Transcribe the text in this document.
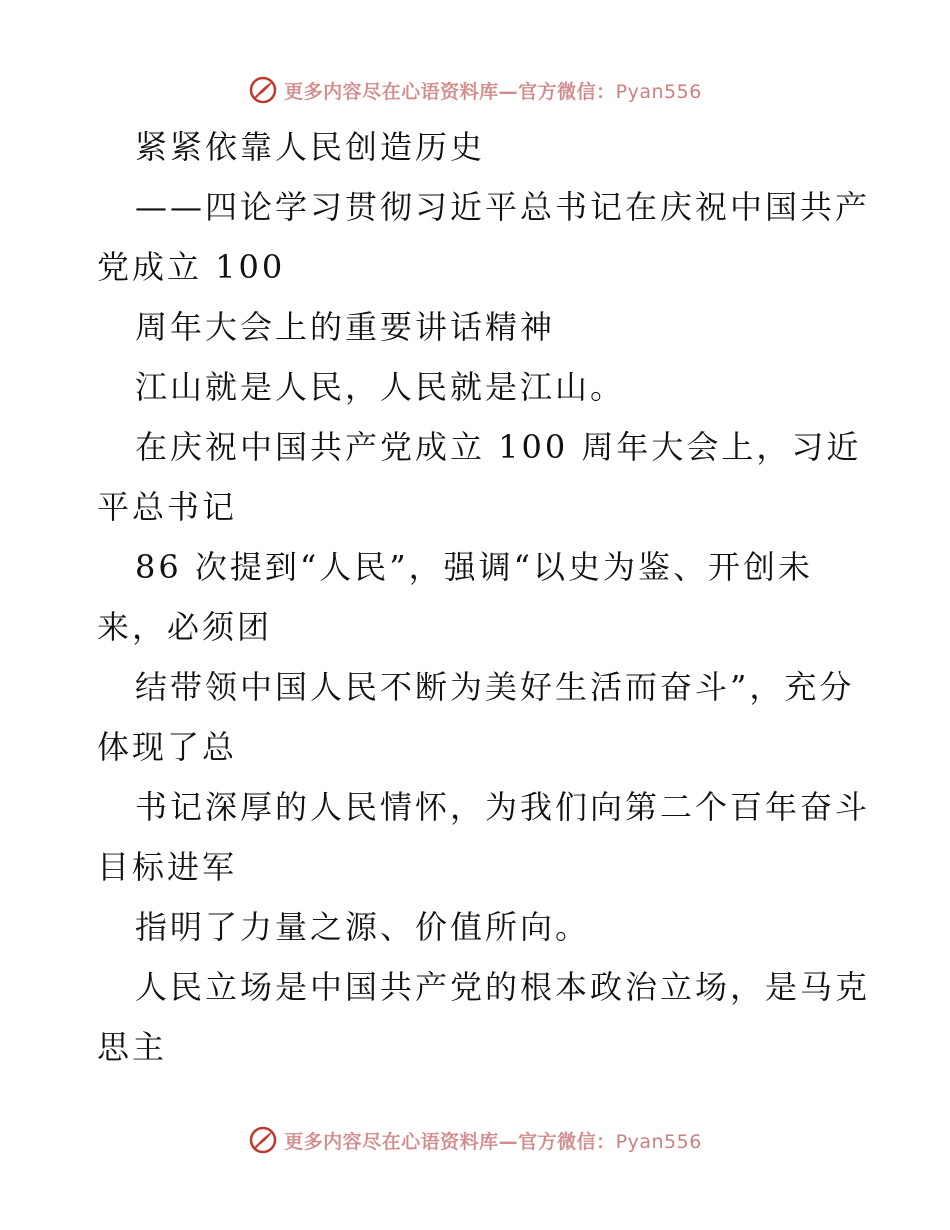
更多内容尽在心语资料库—官方微信：Pyan556
紧紧依靠人民创造历史
——四论学习贯彻习近平总书记在庆祝中国共产
党成立 100
周年大会上的重要讲话精神
江山就是人民，人民就是江山。
在庆祝中国共产党成立 100 周年大会上，习近
平总书记
86 次提到“人民”，强调“以史为鉴、开创未
来，必须团
结带领中国人民不断为美好生活而奋斗”，充分
体现了总
书记深厚的人民情怀，为我们向第二个百年奋斗
目标进军
指明了力量之源、价值所向。
人民立场是中国共产党的根本政治立场，是马克
思主
更多内容尽在心语资料库—官方微信：Pyan556
